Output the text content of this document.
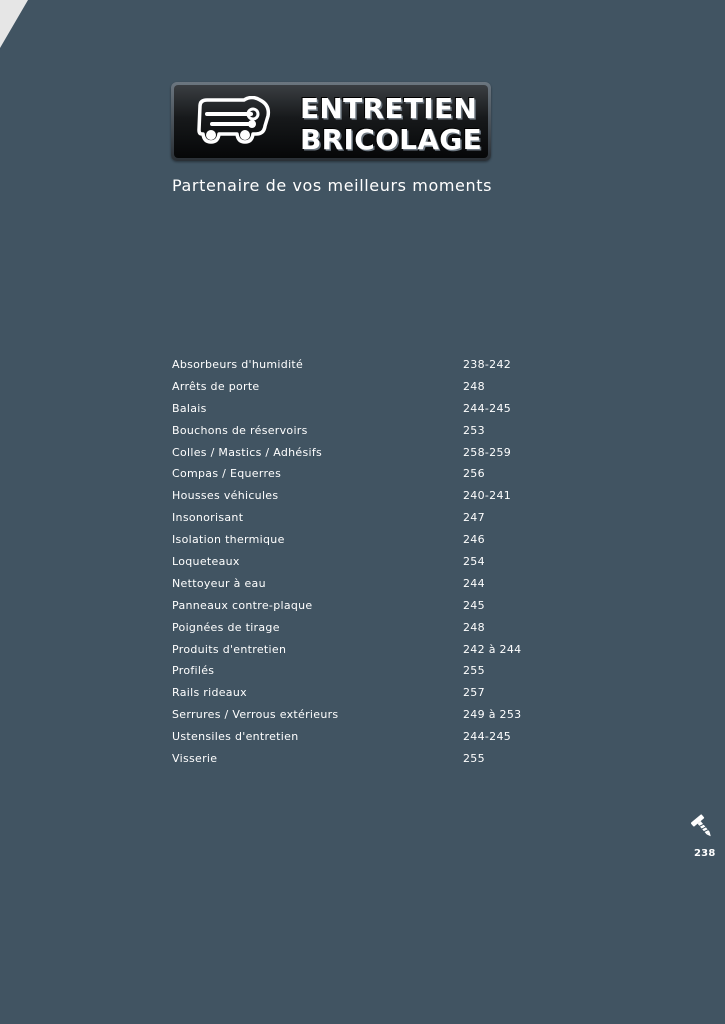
ENTRETIEN
BRICOLAGE
Partenaire de vos meilleurs moments
Absorbeurs d'humidité	238-242
Arrêts de porte	248
Balais	244-245
Bouchons de réservoirs	253
Colles / Mastics / Adhésifs	258-259
Compas / Equerres	256
Housses véhicules	240-241
Insonorisant	247
Isolation thermique	246
Loqueteaux	254
Nettoyeur à eau	244
Panneaux contre-plaque	245
Poignées de tirage	248
Produits d'entretien	242 à 244
Profilés	255
Rails rideaux	257
Serrures / Verrous extérieurs	249 à 253
Ustensiles d'entretien	244-245
Visserie	255
238
